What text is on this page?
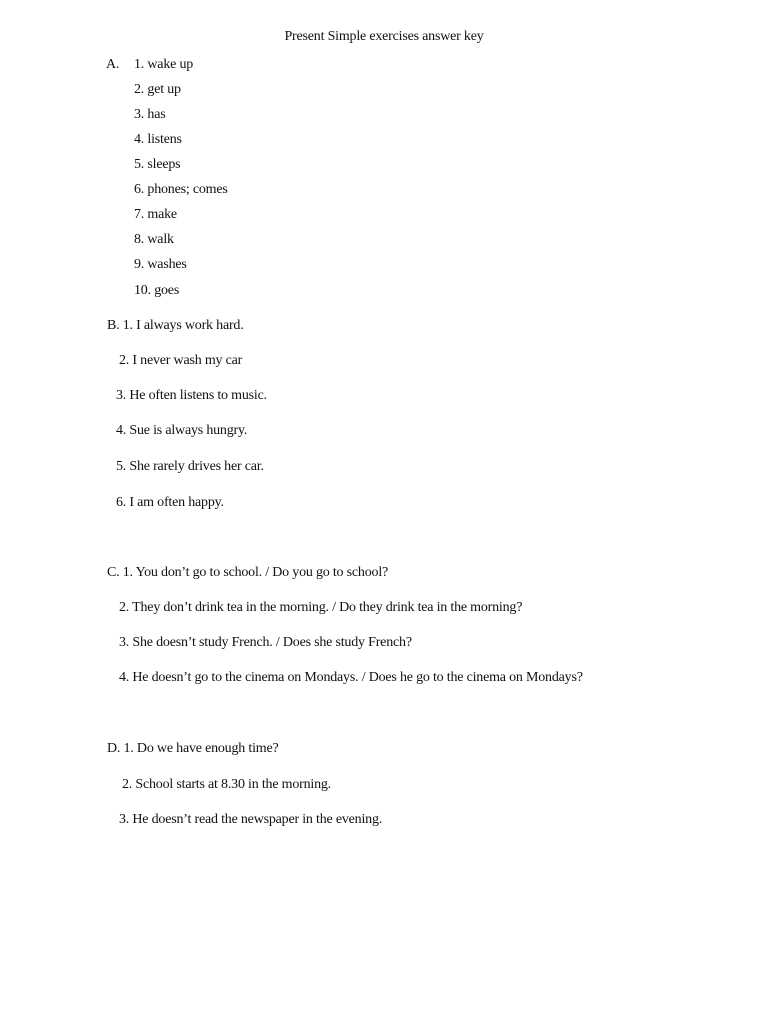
Present Simple exercises answer key
A. 1. wake up
2. get up
3. has
4. listens
5. sleeps
6. phones; comes
7. make
8. walk
9. washes
10. goes
B. 1. I always work hard.
2. I never wash my car
3. He often listens to music.
4. Sue is always hungry.
5. She rarely drives her car.
6. I am often happy.
C. 1. You don’t go to school. / Do you go to school?
2. They don’t drink tea in the morning. / Do they drink tea in the morning?
3. She doesn’t study French. / Does she study French?
4. He doesn’t go to the cinema on Mondays. / Does he go to the cinema on Mondays?
D. 1. Do we have enough time?
2. School starts at 8.30 in the morning.
3. He doesn’t read the newspaper in the evening.
